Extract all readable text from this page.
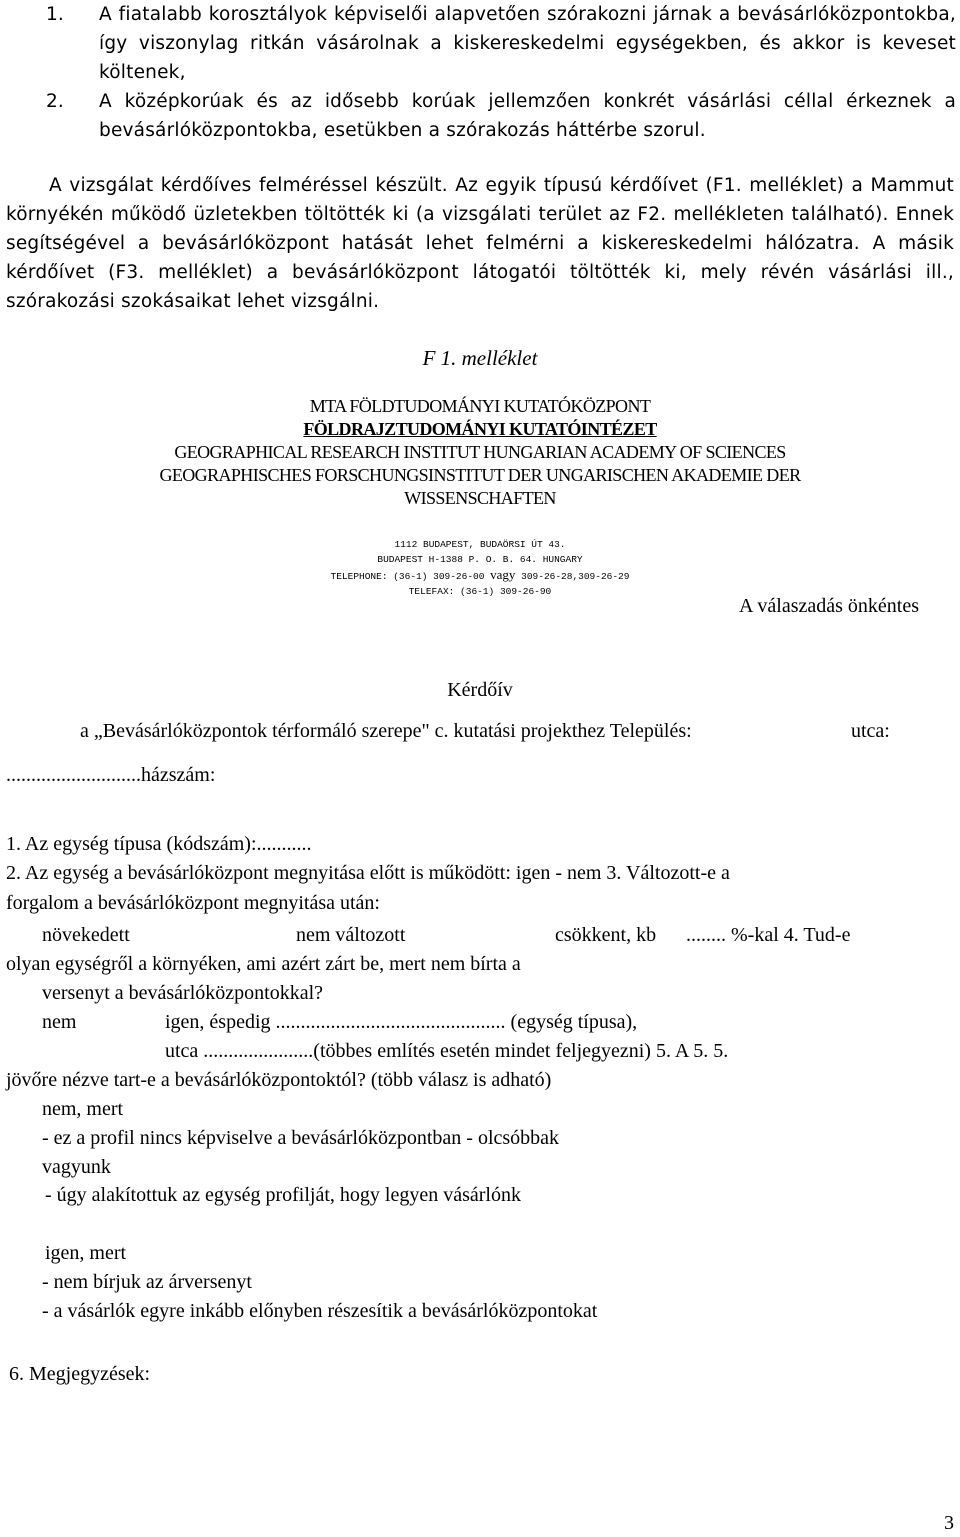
1.	A fiatalabb korosztályok képviselői alapvetően szórakozni járnak a bevásárlóközpontokba, így viszonylag ritkán vásárolnak a kiskereskedelmi egységekben, és akkor is keveset költenek,
2.	A középkorúak és az idősebb korúak jellemzően konkrét vásárlási céllal érkeznek a bevásárlóközpontokba, esetükben a szórakozás háttérbe szorul.

A vizsgálat kérdőíves felméréssel készült. Az egyik típusú kérdőívet (F1. melléklet) a Mammut környékén működő üzletekben töltötték ki (a vizsgálati terület az F2. mellékleten található). Ennek segítségével a bevásárlóközpont hatását lehet felmérni a kiskereskedelmi hálózatra. A másik kérdőívet (F3. melléklet) a bevásárlóközpont látogatói töltötték ki, mely révén vásárlási ill., szórakozási szokásaikat lehet vizsgálni.

F 1. melléklet

MTA FÖLDTUDOMÁNYI KUTATÓKÖZPONT
FÖLDRAJZTUDOMÁNYI KUTATÓINTÉZET
GEOGRAPHICAL RESEARCH INSTITUT HUNGARIAN ACADEMY OF SCIENCES
GEOGRAPHISCHES FORSCHUNGSINSTITUT DER UNGARISCHEN AKADEMIE DER
WISSENSCHAFTEN
1112 BUDAPEST, BUDAÖRSI ÚT 43.
BUDAPEST H-1388 P. O. B. 64. HUNGARY
TELEPHONE: (36-1) 309-26-00 vagy 309-26-28,309-26-29
TELEFAX: (36-1) 309-26-90

A válaszadás önkéntes

Kérdőív

a „Bevásárlóközpontok térformáló szerepe" c. kutatási projekthez Település:	utca:

...........................házszám:

1. Az egység típusa (kódszám):...........

2. Az egység a bevásárlóközpont megnyitása előtt is működött: igen - nem 3. Változott-e a

forgalom a bevásárlóközpont megnyitása után:

növekedett	nem változott	csökkent, kb ........ %-kal 4. Tud-e

olyan egységről a környéken, ami azért zárt be, mert nem bírta a

versenyt a bevásárlóközpontokkal?

nem	igen, éspedig .............................................. (egység típusa),

utca ......................(többes említés esetén mindet feljegyezni) 5. A 5. 5.

jövőre nézve tart-e a bevásárlóközpontoktól? (több válasz is adható)

nem, mert

- ez a profil nincs képviselve a bevásárlóközpontban - olcsóbbak

vagyunk

- úgy alakítottuk az egység profilját, hogy legyen vásárlónk

igen, mert

- nem bírjuk az árversenyt

- a vásárlók egyre inkább előnyben részesítik a bevásárlóközpontokat

6. Megjegyzések:

3
